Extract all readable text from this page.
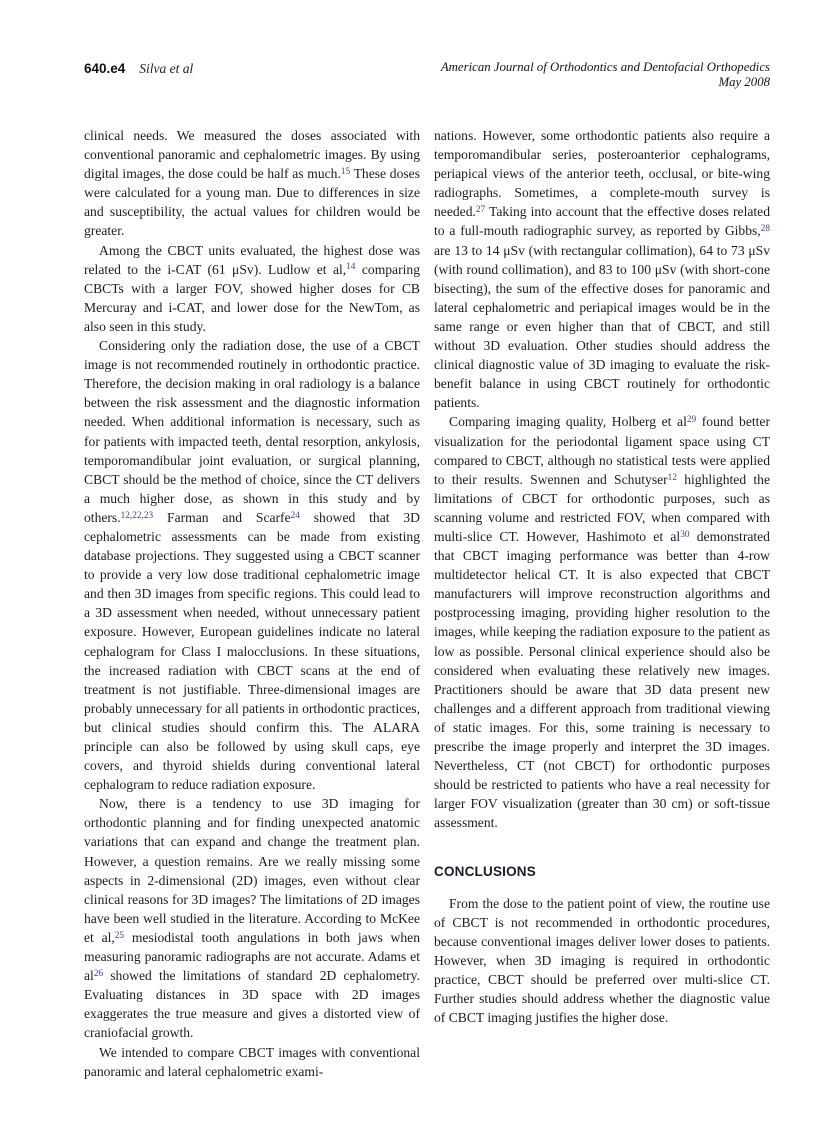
640.e4 Silva et al	American Journal of Orthodontics and Dentofacial Orthopedics
May 2008

clinical needs. We measured the doses associated with conventional panoramic and cephalometric images. By using digital images, the dose could be half as much.$^{15}$ These doses were calculated for a young man. Due to differences in size and susceptibility, the actual values for children would be greater.

Among the CBCT units evaluated, the highest dose was related to the i-CAT (61 μSv). Ludlow et al,$^{14}$ comparing CBCTs with a larger FOV, showed higher doses for CB Mercuray and i-CAT, and lower dose for the NewTom, as also seen in this study.

Considering only the radiation dose, the use of a CBCT image is not recommended routinely in orthodontic practice. Therefore, the decision making in oral radiology is a balance between the risk assessment and the diagnostic information needed. When additional information is necessary, such as for patients with impacted teeth, dental resorption, ankylosis, temporomandibular joint evaluation, or surgical planning, CBCT should be the method of choice, since the CT delivers a much higher dose, as shown in this study and by others.$^{12,22,23}$ Farman and Scarfe$^{24}$ showed that 3D cephalometric assessments can be made from existing database projections. They suggested using a CBCT scanner to provide a very low dose traditional cephalometric image and then 3D images from specific regions. This could lead to a 3D assessment when needed, without unnecessary patient exposure. However, European guidelines indicate no lateral cephalogram for Class I malocclusions. In these situations, the increased radiation with CBCT scans at the end of treatment is not justifiable. Three-dimensional images are probably unnecessary for all patients in orthodontic practices, but clinical studies should confirm this. The ALARA principle can also be followed by using skull caps, eye covers, and thyroid shields during conventional lateral cephalogram to reduce radiation exposure.

Now, there is a tendency to use 3D imaging for orthodontic planning and for finding unexpected anatomic variations that can expand and change the treatment plan. However, a question remains. Are we really missing some aspects in 2-dimensional (2D) images, even without clear clinical reasons for 3D images? The limitations of 2D images have been well studied in the literature. According to McKee et al,$^{25}$ mesiodistal tooth angulations in both jaws when measuring panoramic radiographs are not accurate. Adams et al$^{26}$ showed the limitations of standard 2D cephalometry. Evaluating distances in 3D space with 2D images exaggerates the true measure and gives a distorted view of craniofacial growth.

We intended to compare CBCT images with conventional panoramic and lateral cephalometric exami-

nations. However, some orthodontic patients also require a temporomandibular series, posteroanterior cephalograms, periapical views of the anterior teeth, occlusal, or bite-wing radiographs. Sometimes, a complete-mouth survey is needed.$^{27}$ Taking into account that the effective doses related to a full-mouth radiographic survey, as reported by Gibbs,$^{28}$ are 13 to 14 μSv (with rectangular collimation), 64 to 73 μSv (with round collimation), and 83 to 100 μSv (with short-cone bisecting), the sum of the effective doses for panoramic and lateral cephalometric and periapical images would be in the same range or even higher than that of CBCT, and still without 3D evaluation. Other studies should address the clinical diagnostic value of 3D imaging to evaluate the risk-benefit balance in using CBCT routinely for orthodontic patients.

Comparing imaging quality, Holberg et al$^{29}$ found better visualization for the periodontal ligament space using CT compared to CBCT, although no statistical tests were applied to their results. Swennen and Schutyser$^{12}$ highlighted the limitations of CBCT for orthodontic purposes, such as scanning volume and restricted FOV, when compared with multi-slice CT. However, Hashimoto et al$^{30}$ demonstrated that CBCT imaging performance was better than 4-row multidetector helical CT. It is also expected that CBCT manufacturers will improve reconstruction algorithms and postprocessing imaging, providing higher resolution to the images, while keeping the radiation exposure to the patient as low as possible. Personal clinical experience should also be considered when evaluating these relatively new images. Practitioners should be aware that 3D data present new challenges and a different approach from traditional viewing of static images. For this, some training is necessary to prescribe the image properly and interpret the 3D images. Nevertheless, CT (not CBCT) for orthodontic purposes should be restricted to patients who have a real necessity for larger FOV visualization (greater than 30 cm) or soft-tissue assessment.

CONCLUSIONS

From the dose to the patient point of view, the routine use of CBCT is not recommended in orthodontic procedures, because conventional images deliver lower doses to patients. However, when 3D imaging is required in orthodontic practice, CBCT should be preferred over multi-slice CT. Further studies should address whether the diagnostic value of CBCT imaging justifies the higher dose.
